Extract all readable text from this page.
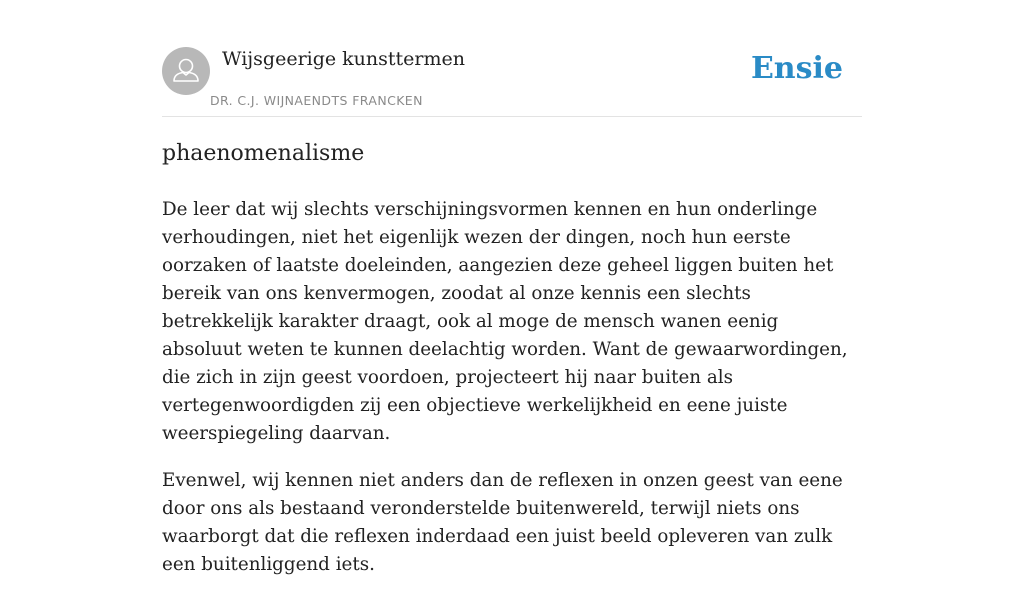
Wijsgeerige kunsttermen
DR. C.J. WIJNAENDTS FRANCKEN
Ensie
phaenomenalisme

De leer dat wij slechts verschijningsvormen kennen en hun onderlinge verhoudingen, niet het eigenlijk wezen der dingen, noch hun eerste oorzaken of laatste doeleinden, aangezien deze geheel liggen buiten het bereik van ons kenvermogen, zoodat al onze kennis een slechts betrekkelijk karakter draagt, ook al moge de mensch wanen eenig absoluut weten te kunnen deelachtig worden. Want de gewaarwordingen, die zich in zijn geest voordoen, projecteert hij naar buiten als vertegenwoordigden zij een objectieve werkelijkheid en eene juiste weerspiegeling daarvan.

Evenwel, wij kennen niet anders dan de reflexen in onzen geest van eene door ons als bestaand veronderstelde buitenwereld, terwijl niets ons waarborgt dat die reflexen inderdaad een juist beeld opleveren van zulk een buitenliggend iets.
